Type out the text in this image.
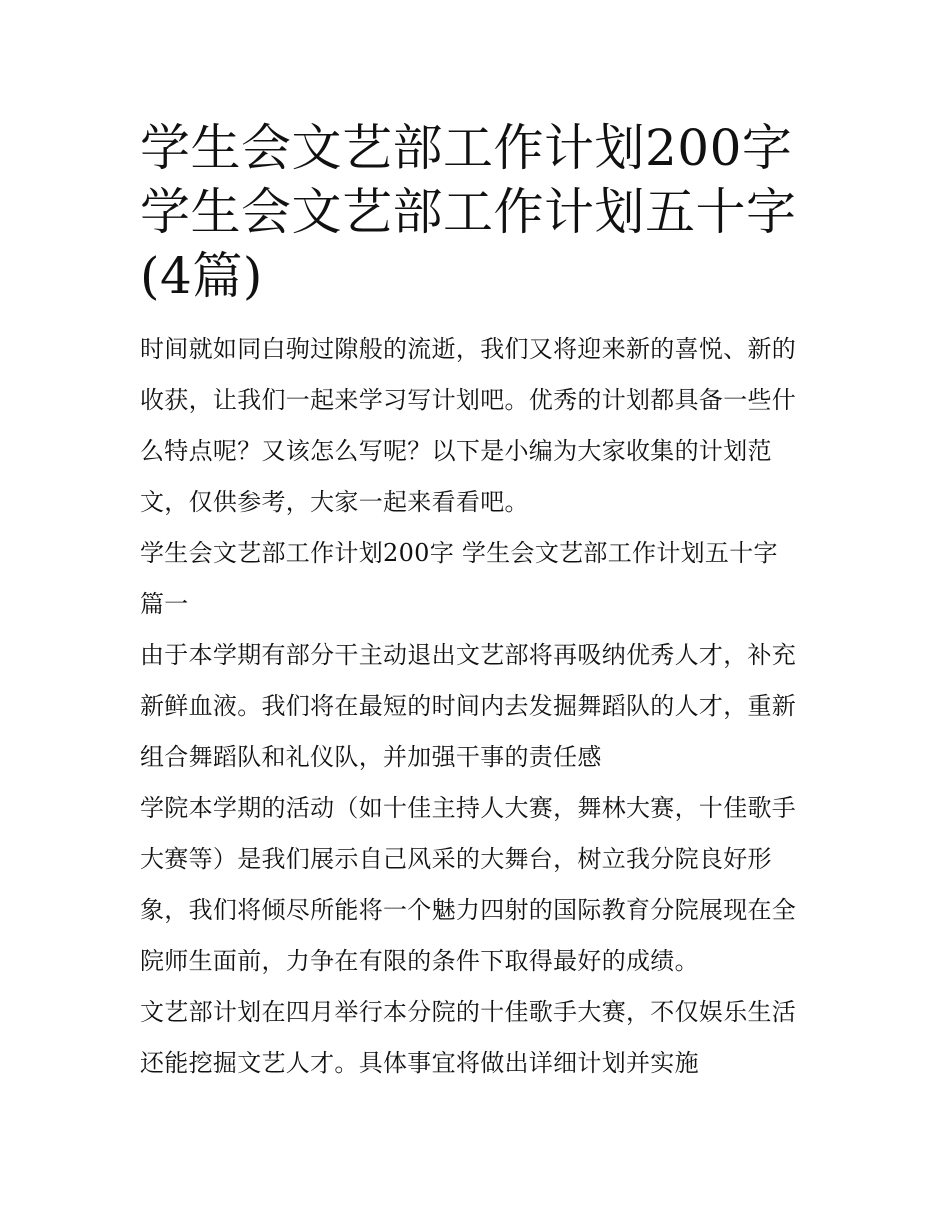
学生会文艺部工作计划200字
学生会文艺部工作计划五十字
(4篇)

时间就如同白驹过隙般的流逝，我们又将迎来新的喜悦、新的
收获，让我们一起来学习写计划吧。优秀的计划都具备一些什
么特点呢？又该怎么写呢？以下是小编为大家收集的计划范
文，仅供参考，大家一起来看看吧。

学生会文艺部工作计划200字 学生会文艺部工作计划五十字
篇一

由于本学期有部分干主动退出文艺部将再吸纳优秀人才，补充
新鲜血液。我们将在最短的时间内去发掘舞蹈队的人才，重新
组合舞蹈队和礼仪队，并加强干事的责任感

学院本学期的活动（如十佳主持人大赛，舞林大赛，十佳歌手
大赛等）是我们展示自己风采的大舞台，树立我分院良好形
象，我们将倾尽所能将一个魅力四射的国际教育分院展现在全
院师生面前，力争在有限的条件下取得最好的成绩。

文艺部计划在四月举行本分院的十佳歌手大赛，不仅娱乐生活
还能挖掘文艺人才。具体事宜将做出详细计划并实施
